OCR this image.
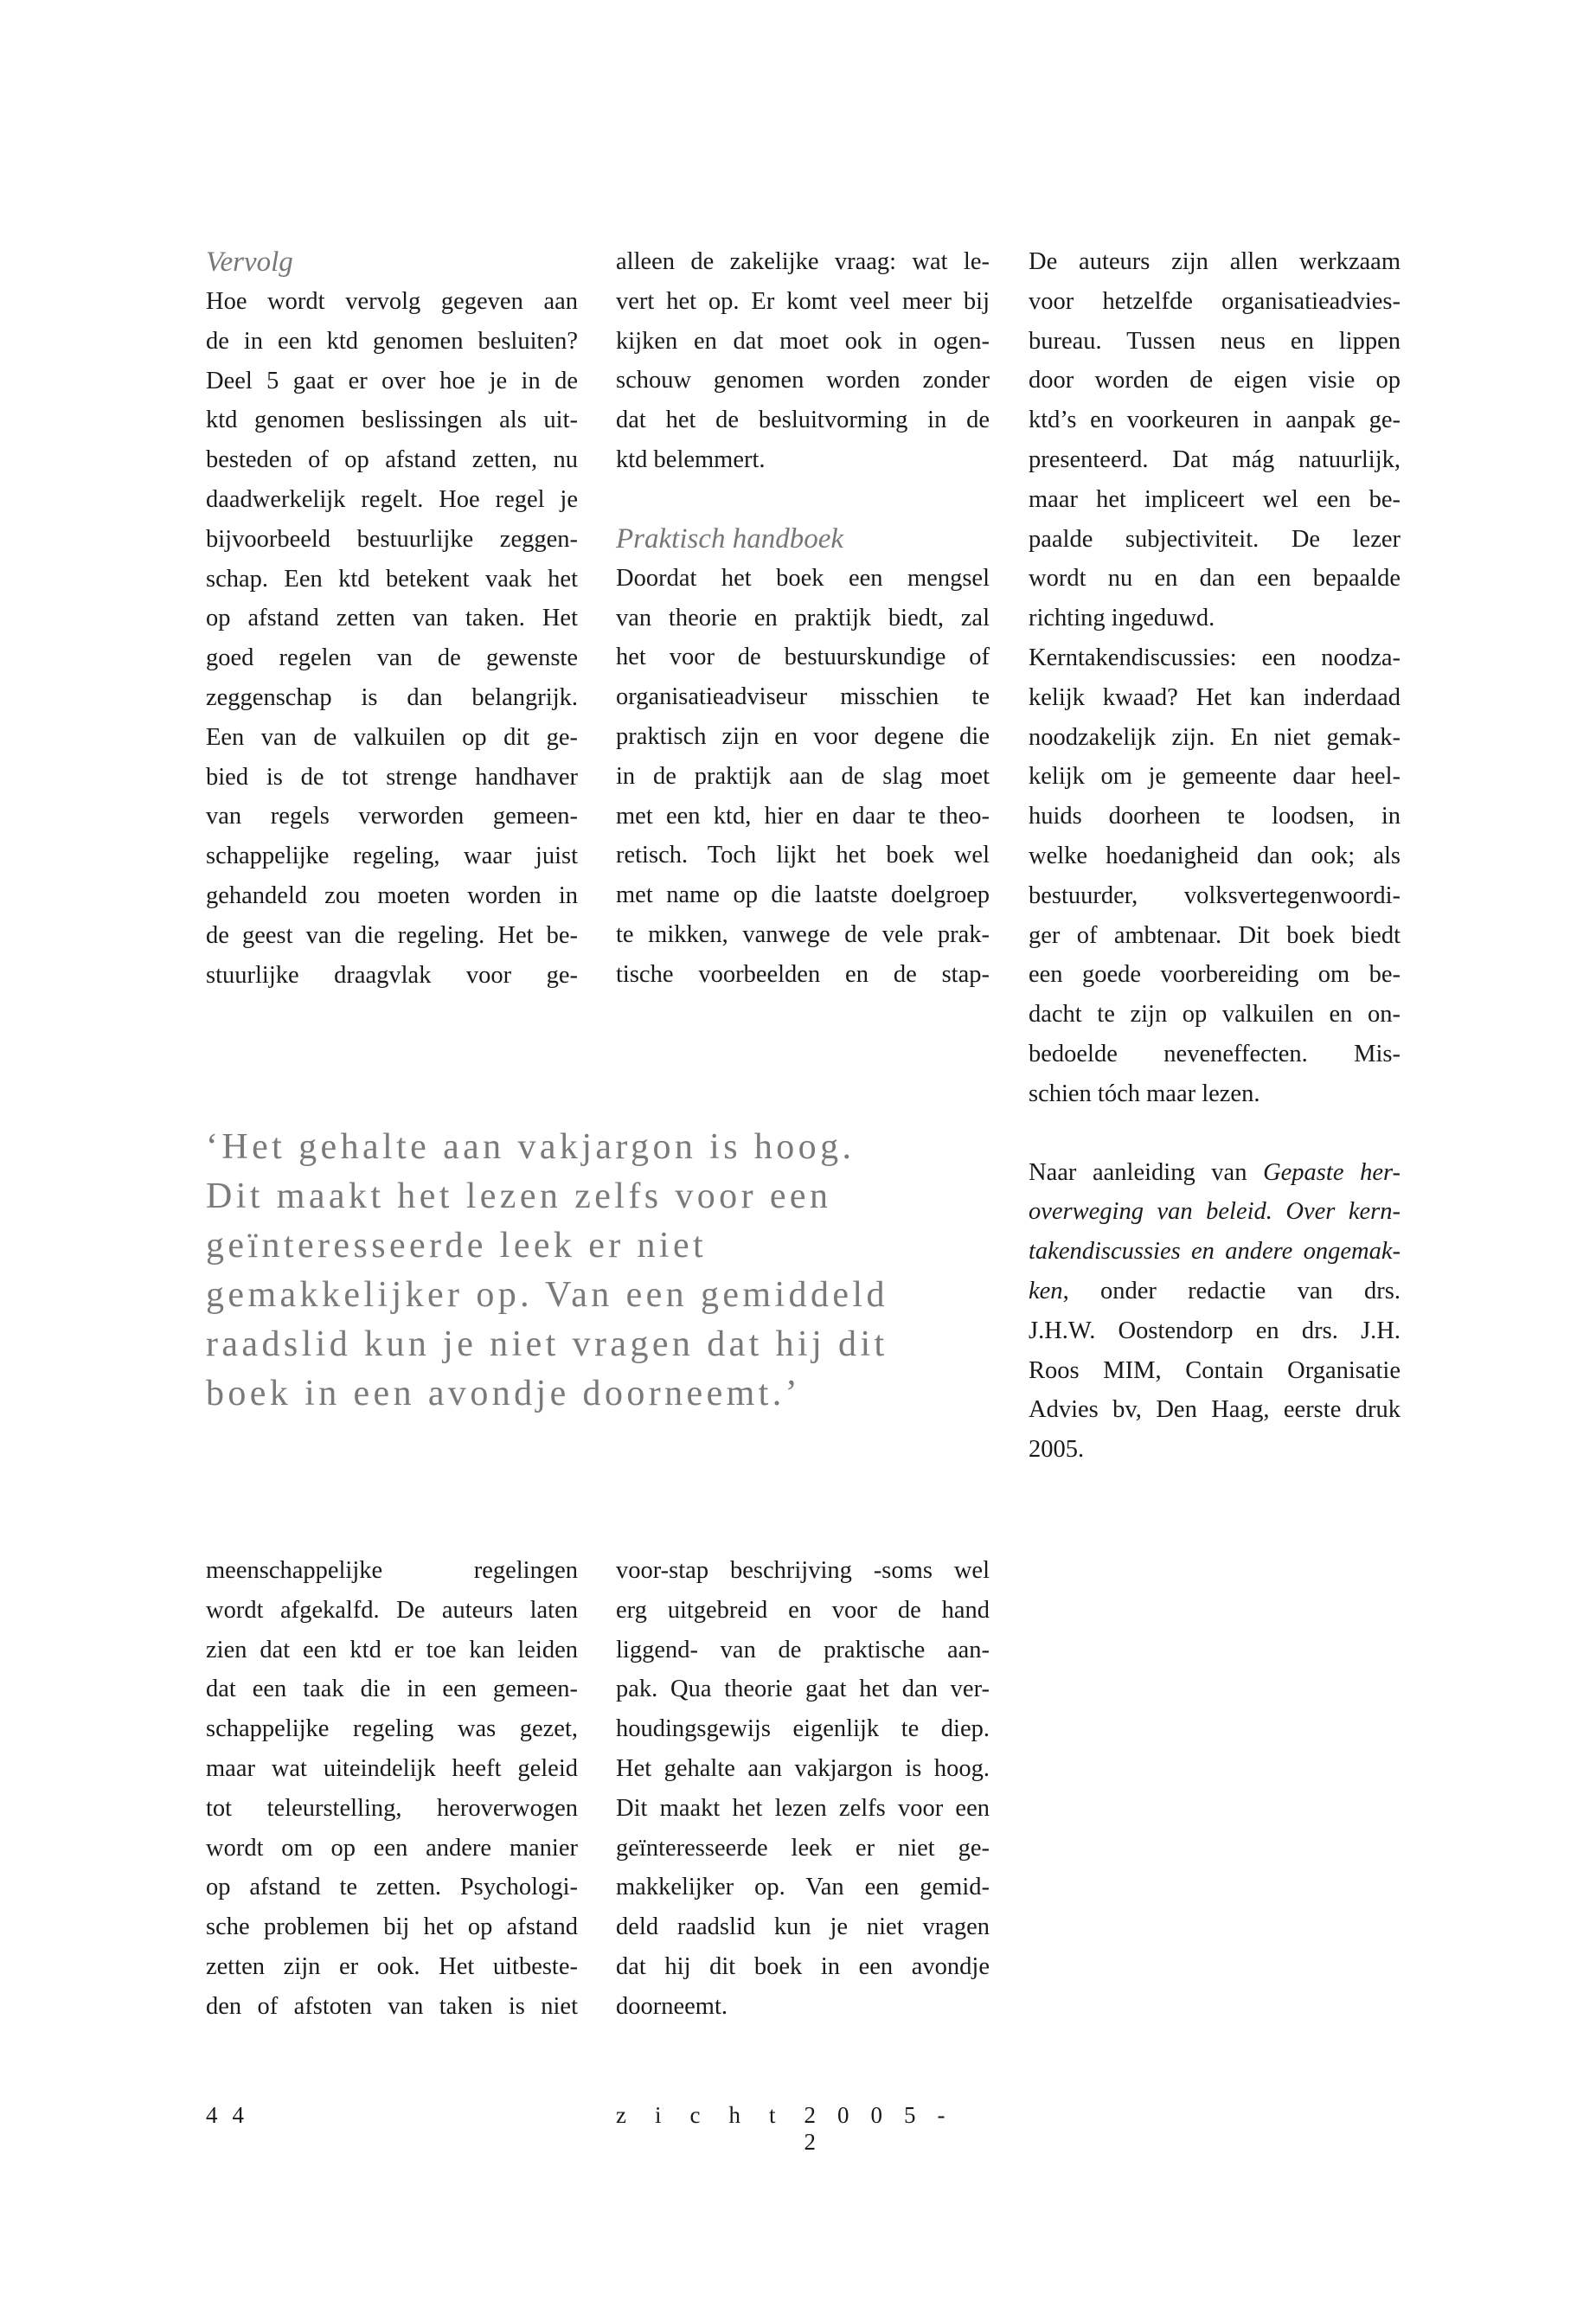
Vervolg

Hoe wordt vervolg gegeven aan
de in een ktd genomen besluiten?
Deel 5 gaat er over hoe je in de
ktd genomen beslissingen als uit-
besteden of op afstand zetten, nu
daadwerkelijk regelt. Hoe regel je
bijvoorbeeld bestuurlijke zeggen-
schap. Een ktd betekent vaak het
op afstand zetten van taken. Het
goed regelen van de gewenste
zeggenschap is dan belangrijk.
Een van de valkuilen op dit ge-
bied is de tot strenge handhaver
van regels verworden gemeen-
schappelijke regeling, waar juist
gehandeld zou moeten worden in
de geest van die regeling. Het be-
stuurlijke draagvlak voor ge-

alleen de zakelijke vraag: wat le-
vert het op. Er komt veel meer bij
kijken en dat moet ook in ogen-
schouw genomen worden zonder
dat het de besluitvorming in de
ktd belemmert.

Praktisch handboek

Doordat het boek een mengsel
van theorie en praktijk biedt, zal
het voor de bestuurskundige of
organisatieadviseur misschien te
praktisch zijn en voor degene die
in de praktijk aan de slag moet
met een ktd, hier en daar te theo-
retisch. Toch lijkt het boek wel
met name op die laatste doelgroep
te mikken, vanwege de vele prak-
tische voorbeelden en de stap-

De auteurs zijn allen werkzaam
voor hetzelfde organisatieadvies-
bureau. Tussen neus en lippen
door worden de eigen visie op
ktd’s en voorkeuren in aanpak ge-
presenteerd. Dat mág natuurlijk,
maar het impliceert wel een be-
paalde subjectiviteit. De lezer
wordt nu en dan een bepaalde
richting ingeduwd.
Kerntakendiscussies: een noodza-
kelijk kwaad? Het kan inderdaad
noodzakelijk zijn. En niet gemak-
kelijk om je gemeente daar heel-
huids doorheen te loodsen, in
welke hoedanigheid dan ook; als
bestuurder, volksvertegenwoordi-
ger of ambtenaar. Dit boek biedt
een goede voorbereiding om be-
dacht te zijn op valkuilen en on-
bedoelde neveneffecten. Mis-
schien tóch maar lezen.

Naar aanleiding van Gepaste her-
overweging van beleid. Over kern-
takendiscussies en andere ongemak-
ken, onder redactie van drs.
J.H.W. Oostendorp en drs. J.H.
Roos MIM, Contain Organisatie
Advies bv, Den Haag, eerste druk
2005.

‘Het gehalte aan vakjargon is hoog.
Dit maakt het lezen zelfs voor een
geïnteresseerde leek er niet
gemakkelijker op. Van een gemiddeld
raadslid kun je niet vragen dat hij dit
boek in een avondje doorneemt.’

meenschappelijke regelingen
wordt afgekalfd. De auteurs laten
zien dat een ktd er toe kan leiden
dat een taak die in een gemeen-
schappelijke regeling was gezet,
maar wat uiteindelijk heeft geleid
tot teleurstelling, heroverwogen
wordt om op een andere manier
op afstand te zetten. Psychologi-
sche problemen bij het op afstand
zetten zijn er ook. Het uitbeste-
den of afstoten van taken is niet

voor-stap beschrijving -soms wel
erg uitgebreid en voor de hand
liggend- van de praktische aan-
pak. Qua theorie gaat het dan ver-
houdingsgewijs eigenlijk te diep.
Het gehalte aan vakjargon is hoog.
Dit maakt het lezen zelfs voor een
geïnteresseerde leek er niet ge-
makkelijker op. Van een gemid-
deld raadslid kun je niet vragen
dat hij dit boek in een avondje
doorneemt.

44	zicht 2005-2
